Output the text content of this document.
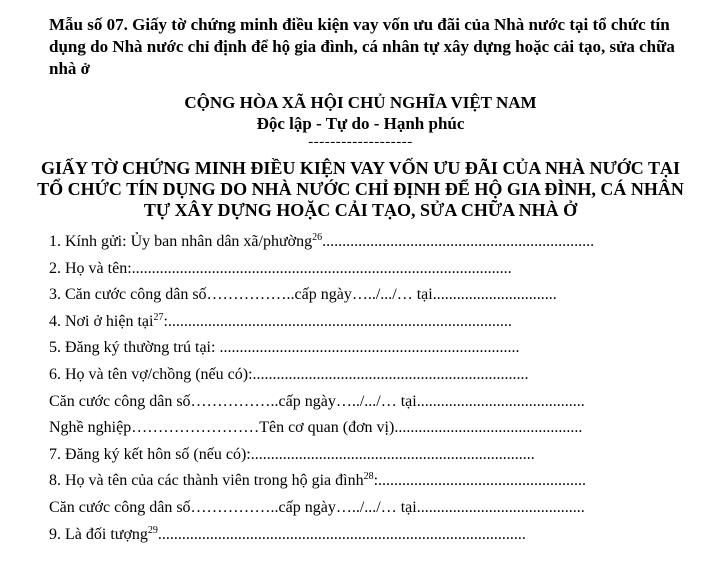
Mẫu số 07. Giấy tờ chứng minh điều kiện vay vốn ưu đãi của Nhà nước tại tổ chức tín dụng do Nhà nước chỉ định để hộ gia đình, cá nhân tự xây dựng hoặc cải tạo, sửa chữa nhà ở

CỘNG HÒA XÃ HỘI CHỦ NGHĨA VIỆT NAM
Độc lập - Tự do - Hạnh phúc
-------------------

GIẤY TỜ CHỨNG MINH ĐIỀU KIỆN VAY VỐN ƯU ĐÃI CỦA NHÀ NƯỚC TẠI TỔ CHỨC TÍN DỤNG DO NHÀ NƯỚC CHỈ ĐỊNH ĐỂ HỘ GIA ĐÌNH, CÁ NHÂN TỰ XÂY DỰNG HOẶC CẢI TẠO, SỬA CHỮA NHÀ Ở

1. Kính gửi: Ủy ban nhân dân xã/phường$^{26}$....................................................................
2. Họ và tên:...............................................................................................
3. Căn cước công dân số……………..cấp ngày…../.../… tại...............................
4. Nơi ở hiện tại$^{27}$:......................................................................................
5. Đăng ký thường trú tại: ...........................................................................
6. Họ và tên vợ/chồng (nếu có):.....................................................................
Căn cước công dân số……………..cấp ngày…../.../… tại..........................................
Nghề nghiệp……………………Tên cơ quan (đơn vị)...............................................
7. Đăng ký kết hôn số (nếu có):.......................................................................
8. Họ và tên của các thành viên trong hộ gia đình$^{28}$:....................................................
Căn cước công dân số……………..cấp ngày…../.../… tại..........................................
9. Là đối tượng$^{29}$............................................................................................
